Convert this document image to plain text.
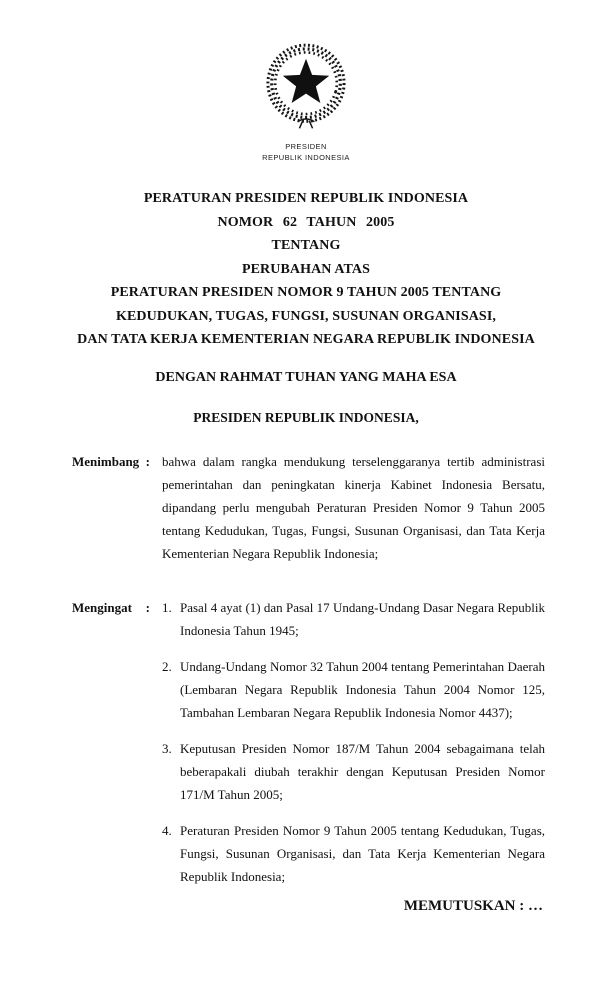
PRESIDEN
REPUBLIK INDONESIA
PERATURAN PRESIDEN REPUBLIK INDONESIA
NOMOR 62 TAHUN 2005
TENTANG
PERUBAHAN ATAS
PERATURAN PRESIDEN NOMOR 9 TAHUN 2005 TENTANG
KEDUDUKAN, TUGAS, FUNGSI, SUSUNAN ORGANISASI,
DAN TATA KERJA KEMENTERIAN NEGARA REPUBLIK INDONESIA
DENGAN RAHMAT TUHAN YANG MAHA ESA
PRESIDEN REPUBLIK INDONESIA,
Menimbang : bahwa dalam rangka mendukung terselenggaranya tertib administrasi pemerintahan dan peningkatan kinerja Kabinet Indonesia Bersatu, dipandang perlu mengubah Peraturan Presiden Nomor 9 Tahun 2005 tentang Kedudukan, Tugas, Fungsi, Susunan Organisasi, dan Tata Kerja Kementerian Negara Republik Indonesia;
Mengingat : 1. Pasal 4 ayat (1) dan Pasal 17 Undang-Undang Dasar Negara Republik Indonesia Tahun 1945;
2. Undang-Undang Nomor 32 Tahun 2004 tentang Pemerintahan Daerah (Lembaran Negara Republik Indonesia Tahun 2004 Nomor 125, Tambahan Lembaran Negara Republik Indonesia Nomor 4437);
3. Keputusan Presiden Nomor 187/M Tahun 2004 sebagaimana telah beberapakali diubah terakhir dengan Keputusan Presiden Nomor 171/M Tahun 2005;
4. Peraturan Presiden Nomor 9 Tahun 2005 tentang Kedudukan, Tugas, Fungsi, Susunan Organisasi, dan Tata Kerja Kementerian Negara Republik Indonesia;
MEMUTUSKAN : …
